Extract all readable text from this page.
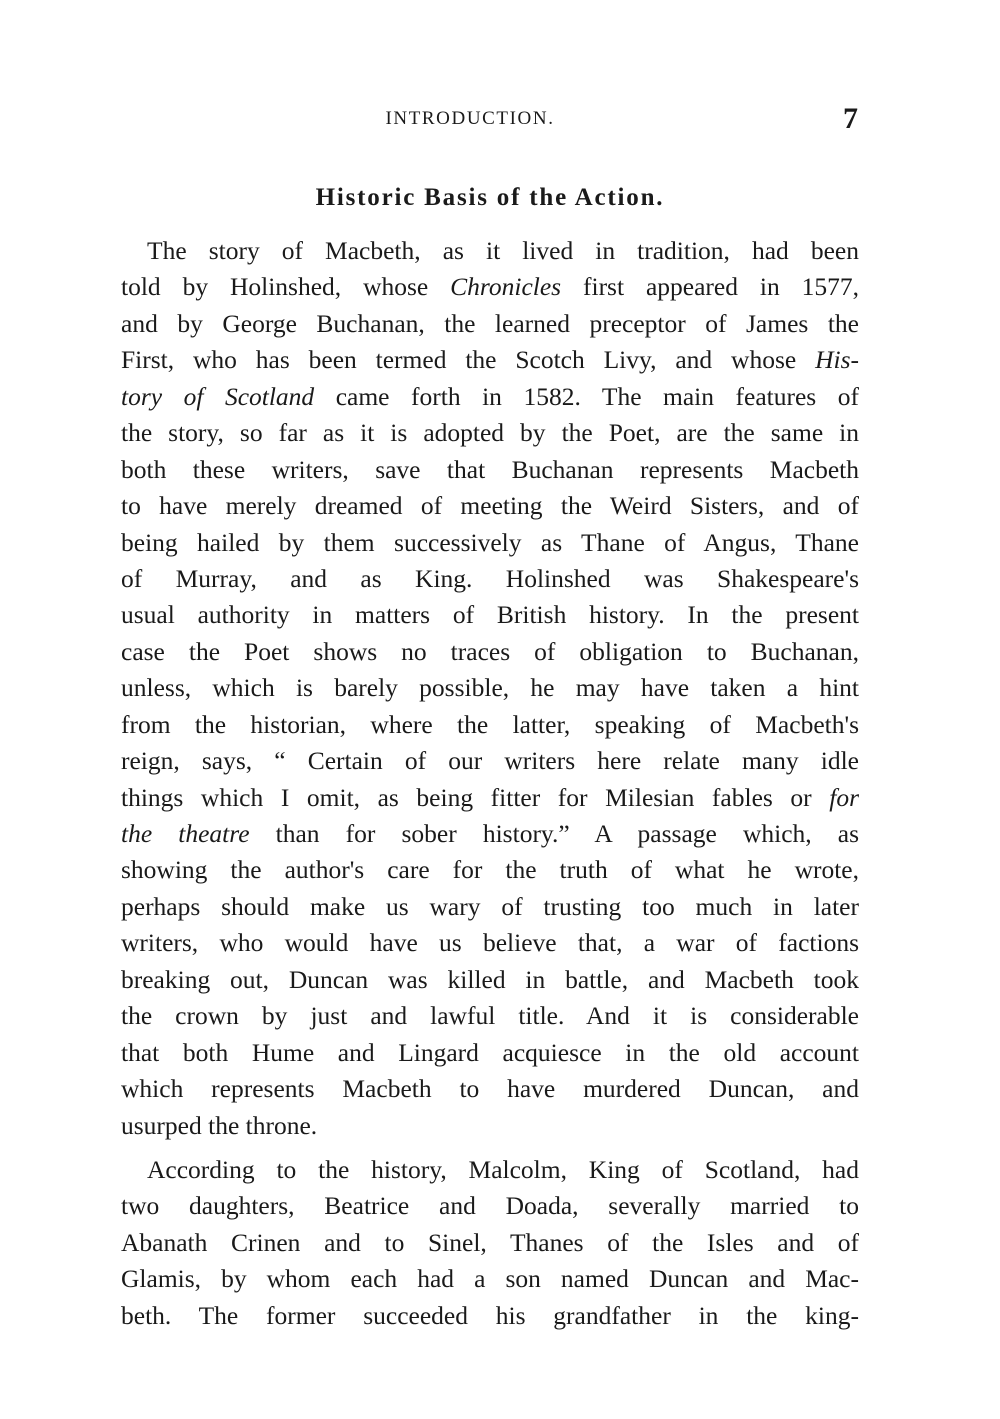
INTRODUCTION.	7
Historic Basis of the Action.

The story of Macbeth, as it lived in tradition, had been
told by Holinshed, whose Chronicles first appeared in 1577,
and by George Buchanan, the learned preceptor of James the
First, who has been termed the Scotch Livy, and whose His-
tory of Scotland came forth in 1582. The main features of
the story, so far as it is adopted by the Poet, are the same in
both these writers, save that Buchanan represents Macbeth
to have merely dreamed of meeting the Weird Sisters, and of
being hailed by them successively as Thane of Angus, Thane
of Murray, and as King. Holinshed was Shakespeare's
usual authority in matters of British history. In the present
case the Poet shows no traces of obligation to Buchanan,
unless, which is barely possible, he may have taken a hint
from the historian, where the latter, speaking of Macbeth's
reign, says, “ Certain of our writers here relate many idle
things which I omit, as being fitter for Milesian fables or for
the theatre than for sober history.” A passage which, as
showing the author's care for the truth of what he wrote,
perhaps should make us wary of trusting too much in later
writers, who would have us believe that, a war of factions
breaking out, Duncan was killed in battle, and Macbeth took
the crown by just and lawful title. And it is considerable
that both Hume and Lingard acquiesce in the old account
which represents Macbeth to have murdered Duncan, and
usurped the throne.

According to the history, Malcolm, King of Scotland, had
two daughters, Beatrice and Doada, severally married to
Abanath Crinen and to Sinel, Thanes of the Isles and of
Glamis, by whom each had a son named Duncan and Mac-
beth. The former succeeded his grandfather in the king-
